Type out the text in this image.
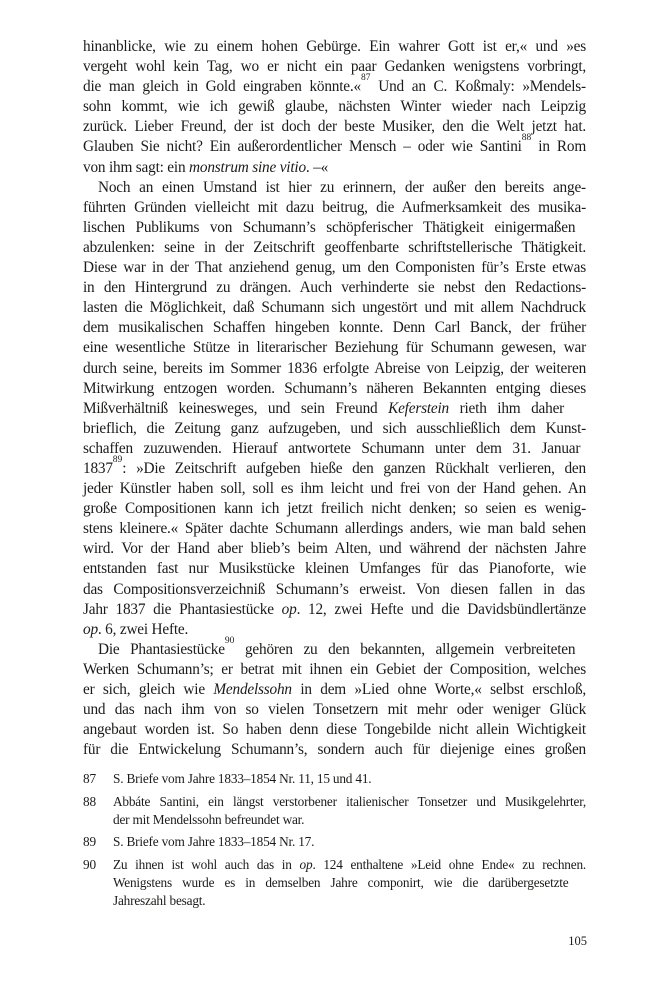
hinanblicke, wie zu einem hohen Gebürge. Ein wahrer Gott ist er,« und »es
vergeht wohl kein Tag, wo er nicht ein paar Gedanken wenigstens vorbringt,
die man gleich in Gold eingraben könnte.«$^{87}$ Und an C. Koßmaly: »Mendels-
sohn kommt, wie ich gewiß glaube, nächsten Winter wieder nach Leipzig
zurück. Lieber Freund, der ist doch der beste Musiker, den die Welt jetzt hat.
Glauben Sie nicht? Ein außerordentlicher Mensch – oder wie Santini$^{88}$ in Rom
von ihm sagt: ein monstrum sine vitio. –«
Noch an einen Umstand ist hier zu erinnern, der außer den bereits ange-
führten Gründen vielleicht mit dazu beitrug, die Aufmerksamkeit des musika-
lischen Publikums von Schumann’s schöpferischer Thätigkeit einigermaßen
abzulenken: seine in der Zeitschrift geoffenbarte schriftstellerische Thätigkeit.
Diese war in der That anziehend genug, um den Componisten für’s Erste etwas
in den Hintergrund zu drängen. Auch verhinderte sie nebst den Redactions-
lasten die Möglichkeit, daß Schumann sich ungestört und mit allem Nachdruck
dem musikalischen Schaffen hingeben konnte. Denn Carl Banck, der früher
eine wesentliche Stütze in literarischer Beziehung für Schumann gewesen, war
durch seine, bereits im Sommer 1836 erfolgte Abreise von Leipzig, der weiteren
Mitwirkung entzogen worden. Schumann’s näheren Bekannten entging dieses
Mißverhältniß keinesweges, und sein Freund Keferstein rieth ihm daher
brieflich, die Zeitung ganz aufzugeben, und sich ausschließlich dem Kunst-
schaffen zuzuwenden. Hierauf antwortete Schumann unter dem 31. Januar
1837$^{89}$: »Die Zeitschrift aufgeben hieße den ganzen Rückhalt verlieren, den
jeder Künstler haben soll, soll es ihm leicht und frei von der Hand gehen. An
große Compositionen kann ich jetzt freilich nicht denken; so seien es wenig-
stens kleinere.« Später dachte Schumann allerdings anders, wie man bald sehen
wird. Vor der Hand aber blieb’s beim Alten, und während der nächsten Jahre
entstanden fast nur Musikstücke kleinen Umfanges für das Pianoforte, wie
das Compositionsverzeichniß Schumann’s erweist. Von diesen fallen in das
Jahr 1837 die Phantasiestücke op. 12, zwei Hefte und die Davidsbündlertänze
op. 6, zwei Hefte.
Die Phantasiestücke$^{90}$ gehören zu den bekannten, allgemein verbreiteten
Werken Schumann’s; er betrat mit ihnen ein Gebiet der Composition, welches
er sich, gleich wie Mendelssohn in dem »Lied ohne Worte,« selbst erschloß,
und das nach ihm von so vielen Tonsetzern mit mehr oder weniger Glück
angebaut worden ist. So haben denn diese Tongebilde nicht allein Wichtigkeit
für die Entwickelung Schumann’s, sondern auch für diejenige eines großen
87	S. Briefe vom Jahre 1833–1854 Nr. 11, 15 und 41.
88	Abbáte Santini, ein längst verstorbener italienischer Tonsetzer und Musikgelehrter,
der mit Mendelssohn befreundet war.
89	S. Briefe vom Jahre 1833–1854 Nr. 17.
90	Zu ihnen ist wohl auch das in op. 124 enthaltene »Leid ohne Ende« zu rechnen.
Wenigstens wurde es in demselben Jahre componirt, wie die darübergesetzte
Jahreszahl besagt.
105
